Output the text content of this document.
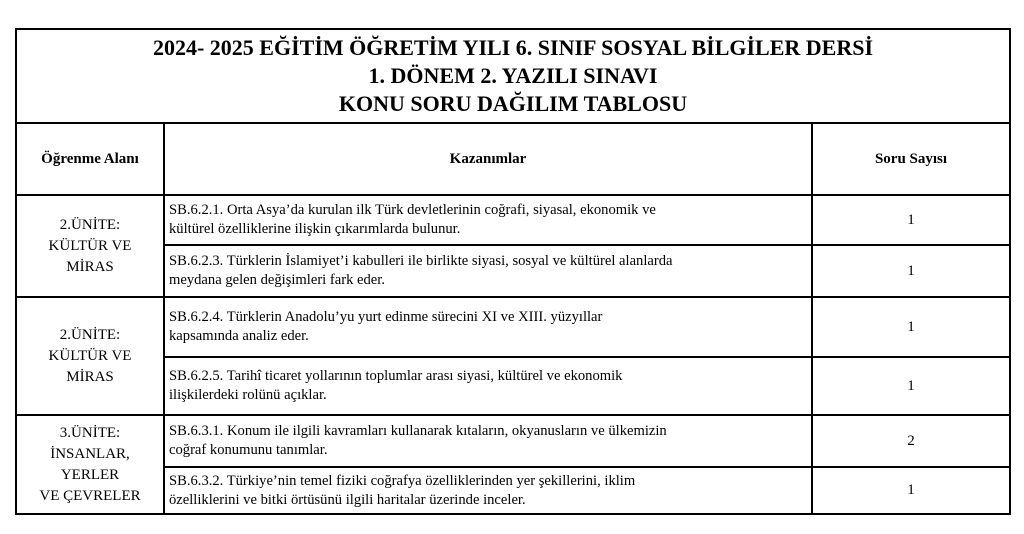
2024- 2025 EĞİTİM ÖĞRETİM YILI 6. SINIF SOSYAL BİLGİLER DERSİ
1. DÖNEM 2. YAZILI SINAVI
KONU SORU DAĞILIM TABLOSU		

Öğrenme Alanı	Kazanımlar	Soru Sayısı

2.ÜNİTE:
KÜLTÜR VE
MİRAS	SB.6.2.1. Orta Asya’da kurulan ilk Türk devletlerinin coğrafi, siyasal, ekonomik ve
kültürel özelliklerine ilişkin çıkarımlarda bulunur.	1
	SB.6.2.3. Türklerin İslamiyet’i kabulleri ile birlikte siyasi, sosyal ve kültürel alanlarda
meydana gelen değişimleri fark eder.	1

2.ÜNİTE:
KÜLTÜR VE
MİRAS	SB.6.2.4. Türklerin Anadolu’yu yurt edinme sürecini XI ve XIII. yüzyıllar
kapsamında analiz eder.	1
	SB.6.2.5. Tarihî ticaret yollarının toplumlar arası siyasi, kültürel ve ekonomik
ilişkilerdeki rolünü açıklar.	1

3.ÜNİTE:
İNSANLAR,
YERLER
VE ÇEVRELER	SB.6.3.1. Konum ile ilgili kavramları kullanarak kıtaların, okyanusların ve ülkemizin
coğraf konumunu tanımlar.	2
	SB.6.3.2. Türkiye’nin temel fiziki coğrafya özelliklerinden yer şekillerini, iklim
özelliklerini ve bitki örtüsünü ilgili haritalar üzerinde inceler.	1
